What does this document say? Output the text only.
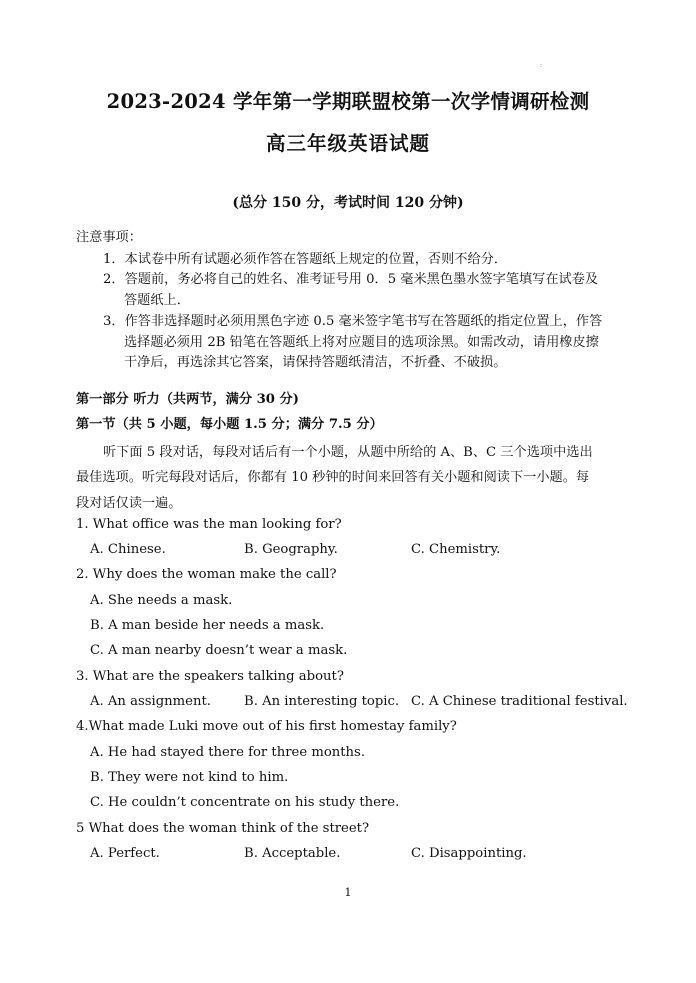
:
2023-2024 学年第一学期联盟校第一次学情调研检测
高三年级英语试题
(总分 150 分，考试时间 120 分钟)
注意事项：
1．本试卷中所有试题必须作答在答题纸上规定的位置，否则不给分．
2．答题前，务必将自己的姓名、准考证号用 0．5 毫米黑色墨水签字笔填写在试卷及
答题纸上．
3．作答非选择题时必须用黑色字迹 0.5 毫米签字笔书写在答题纸的指定位置上，作答
选择题必须用 2B 铅笔在答题纸上将对应题目的选项涂黑。如需改动，请用橡皮擦
干净后，再选涂其它答案，请保持答题纸清洁，不折叠、不破损。
第一部分 听力（共两节，满分 30 分)
第一节（共 5 小题，每小题 1.5 分；满分 7.5 分）
听下面 5 段对话，每段对话后有一个小题，从题中所给的 A、B、C 三个选项中选出
最佳选项。听完每段对话后，你都有 10 秒钟的时间来回答有关小题和阅读下一小题。每
段对话仅读一遍。
1. What office was the man looking for?
A. Chinese.	B. Geography.	C. Chemistry.
2. Why does the woman make the call?
A. She needs a mask.
B. A man beside her needs a mask.
C. A man nearby doesn’t wear a mask.
3. What are the speakers talking about?
A. An assignment.	B. An interesting topic. C. A Chinese traditional festival.
4.What made Luki move out of his first homestay family?
A. He had stayed there for three months.
B. They were not kind to him.
C. He couldn’t concentrate on his study there.
5 What does the woman think of the street?
A. Perfect.	B. Acceptable.	C. Disappointing.
1
